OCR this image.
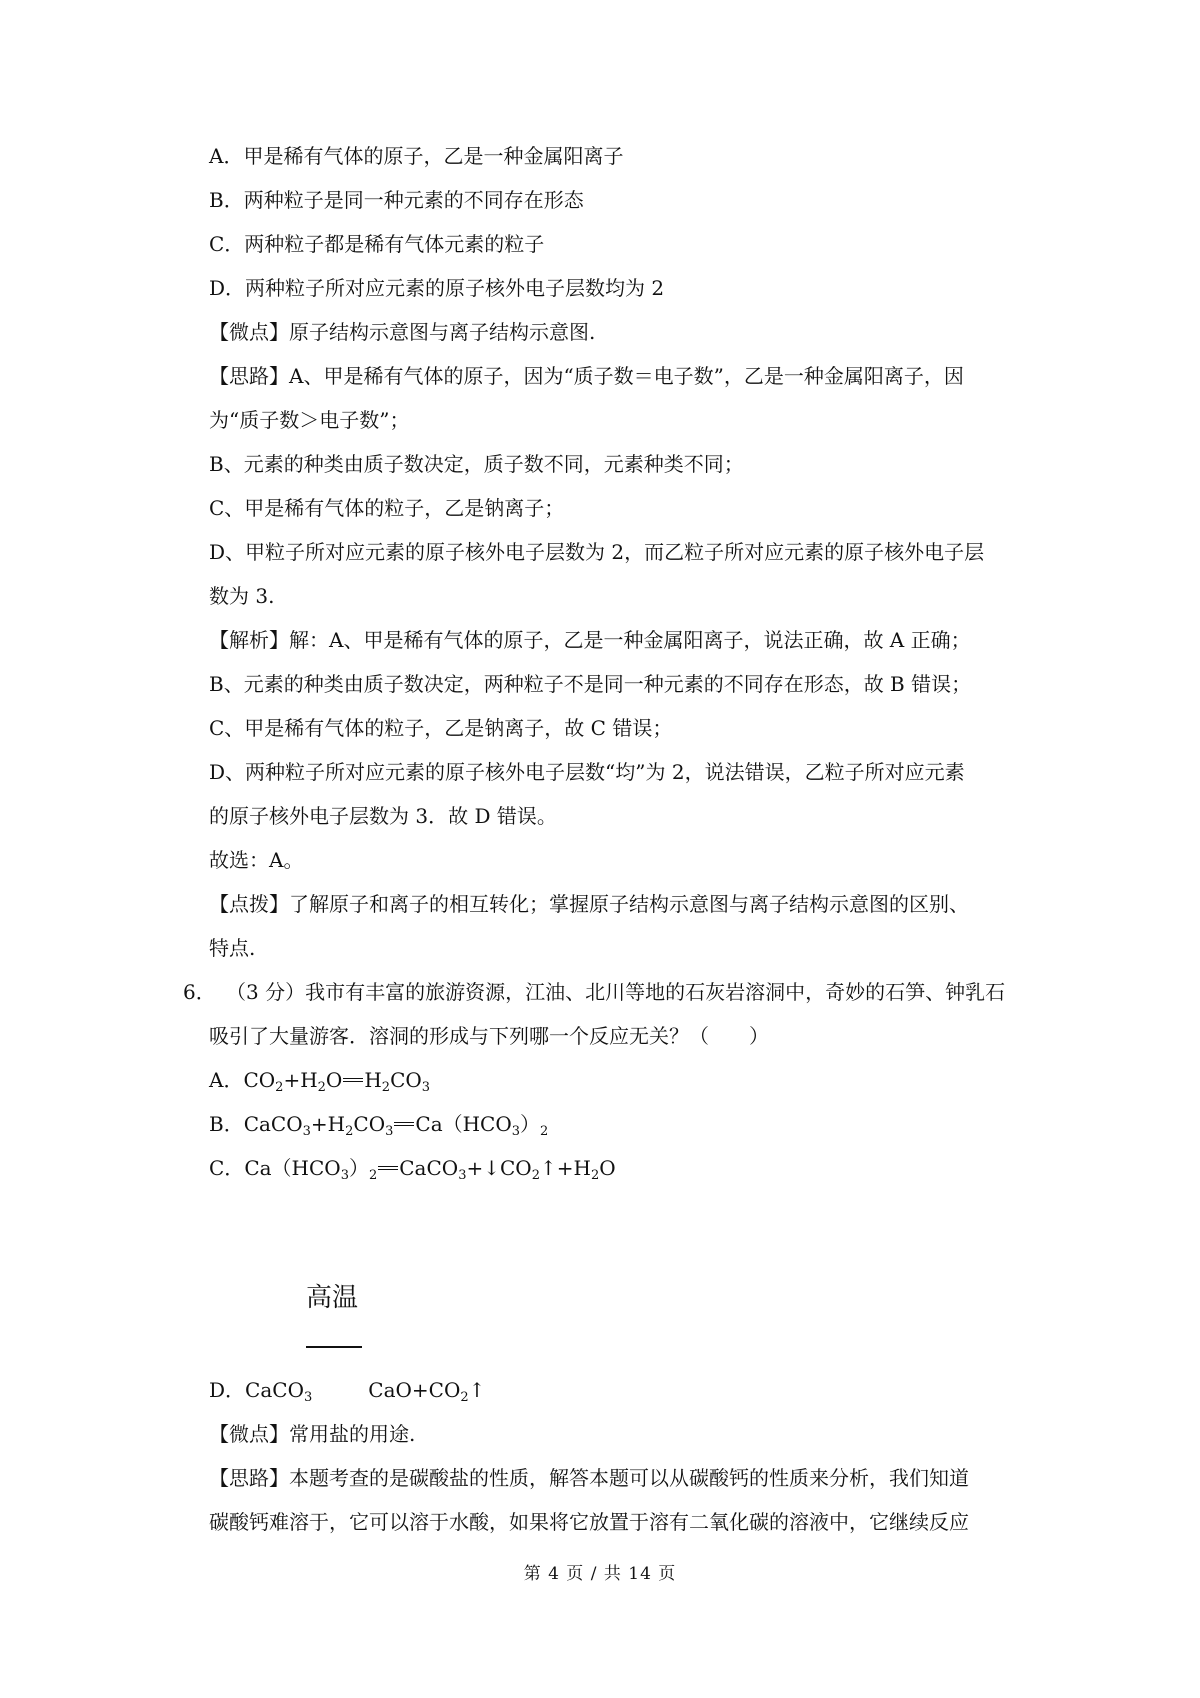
A．甲是稀有气体的原子，乙是一种金属阳离子
B．两种粒子是同一种元素的不同存在形态
C．两种粒子都是稀有气体元素的粒子
D．两种粒子所对应元素的原子核外电子层数均为 2
【微点】原子结构示意图与离子结构示意图.
【思路】A、甲是稀有气体的原子，因为“质子数＝电子数”，乙是一种金属阳离子，因
为“质子数＞电子数”；
B、元素的种类由质子数决定，质子数不同，元素种类不同；
C、甲是稀有气体的粒子，乙是钠离子；
D、甲粒子所对应元素的原子核外电子层数为 2，而乙粒子所对应元素的原子核外电子层
数为 3.
【解析】解：A、甲是稀有气体的原子，乙是一种金属阳离子，说法正确，故 A 正确；
B、元素的种类由质子数决定，两种粒子不是同一种元素的不同存在形态，故 B 错误；
C、甲是稀有气体的粒子，乙是钠离子，故 C 错误；
D、两种粒子所对应元素的原子核外电子层数“均”为 2，说法错误，乙粒子所对应元素
的原子核外电子层数为 3．故 D 错误。
故选：A。
【点拨】了解原子和离子的相互转化；掌握原子结构示意图与离子结构示意图的区别、
特点.
6． （3 分）我市有丰富的旅游资源，江油、北川等地的石灰岩溶洞中，奇妙的石笋、钟乳石
吸引了大量游客．溶洞的形成与下列哪一个反应无关？（　　）
A．$CO_2+H_2O$ $H_2CO_3$
B．$CaCO_3+H_2CO_3$ $Ca(HCO_3)_2$
C．$Ca(HCO_3)_2$ $CaCO_3+↓CO_2↑+H_2O$
高温
D．CaCO$_3$	$CaO+CO_2↑$
【微点】常用盐的用途.
【思路】本题考查的是碳酸盐的性质，解答本题可以从碳酸钙的性质来分析，我们知道
碳酸钙难溶于，它可以溶于水酸，如果将它放置于溶有二氧化碳的溶液中，它继续反应
第 4 页 / 共 14 页
